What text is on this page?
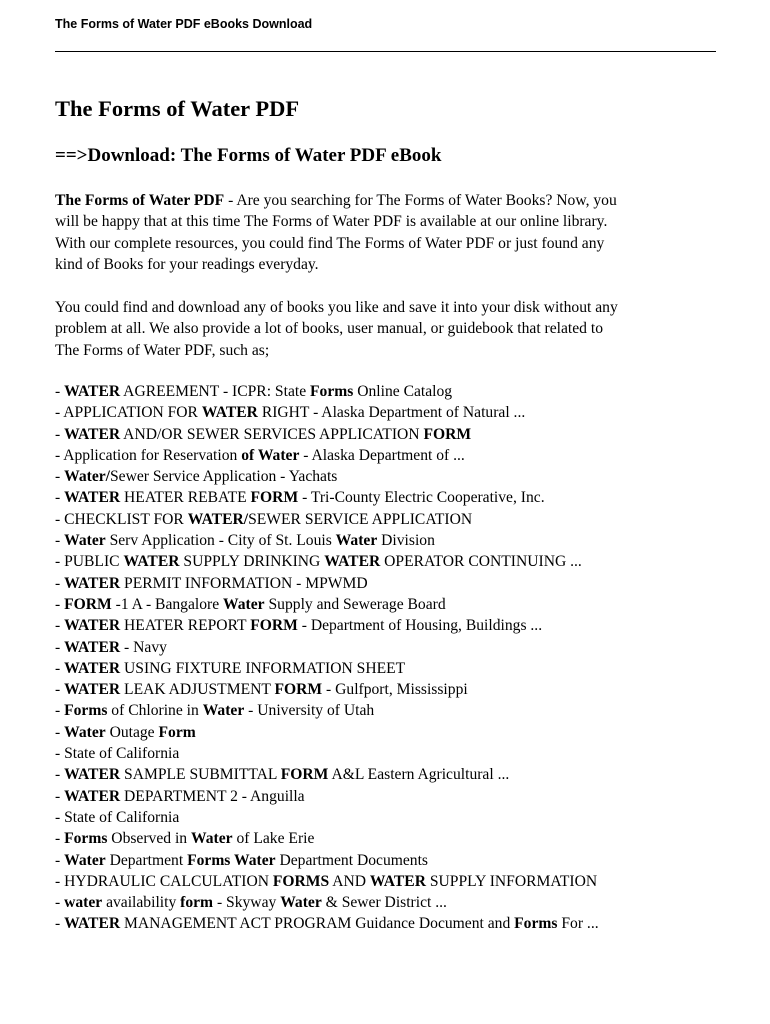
The Forms of Water PDF eBooks Download
The Forms of Water PDF
==>Download: The Forms of Water PDF eBook

The Forms of Water PDF - Are you searching for The Forms of Water Books? Now, you
will be happy that at this time The Forms of Water PDF is available at our online library.
With our complete resources, you could find The Forms of Water PDF or just found any
kind of Books for your readings everyday.

You could find and download any of books you like and save it into your disk without any
problem at all. We also provide a lot of books, user manual, or guidebook that related to
The Forms of Water PDF, such as;

- WATER AGREEMENT - ICPR: State Forms Online Catalog
- APPLICATION FOR WATER RIGHT - Alaska Department of Natural ...
- WATER AND/OR SEWER SERVICES APPLICATION FORM
- Application for Reservation of Water - Alaska Department of ...
- Water/Sewer Service Application - Yachats
- WATER HEATER REBATE FORM - Tri-County Electric Cooperative, Inc.
- CHECKLIST FOR WATER/SEWER SERVICE APPLICATION
- Water Serv Application - City of St. Louis Water Division
- PUBLIC WATER SUPPLY DRINKING WATER OPERATOR CONTINUING ...
- WATER PERMIT INFORMATION - MPWMD
- FORM -1 A - Bangalore Water Supply and Sewerage Board
- WATER HEATER REPORT FORM - Department of Housing, Buildings ...
- WATER - Navy
- WATER USING FIXTURE INFORMATION SHEET
- WATER LEAK ADJUSTMENT FORM - Gulfport, Mississippi
- Forms of Chlorine in Water - University of Utah
- Water Outage Form
- State of California
- WATER SAMPLE SUBMITTAL FORM A&L Eastern Agricultural ...
- WATER DEPARTMENT 2 - Anguilla
- State of California
- Forms Observed in Water of Lake Erie
- Water Department Forms Water Department Documents
- HYDRAULIC CALCULATION FORMS AND WATER SUPPLY INFORMATION
- water availability form - Skyway Water & Sewer District ...
- WATER MANAGEMENT ACT PROGRAM Guidance Document and Forms For ...
